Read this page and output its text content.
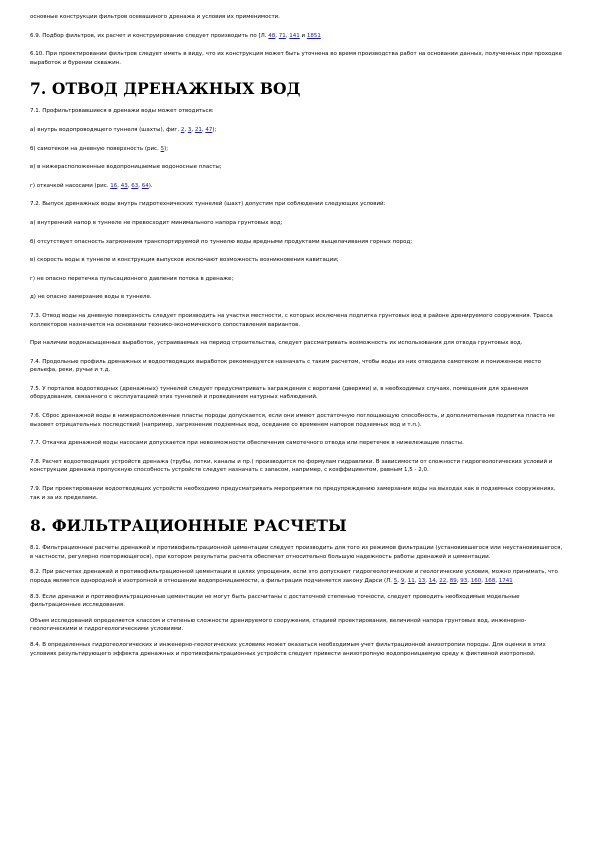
основные конструкции фильтров осевашиного дренажа и условия их применимости.

6.9. Подбор фильтров, их расчет и конструирование следует производить по [Л. 48, 71, 141 и 1851

6.10. При проектировании фильтров следует иметь в виду, что их конструкция может быть уточнена во время производства работ на основании данных, полученных при проходке выработок и бурении скважин.

7. ОТВОД ДРЕНАЖНЫХ ВОД

7.1. Профильтровавшиеся в дренажи воды может отводиться:

а) внутрь водопроводящего туннеля (шахты), фиг. 2, 3, 21, 47);

б) самотеком на дневную поверхность (рис. 5);

в) в нижерасположенные водопроницаемые водоносные пласты;

г) откачкой насосами (рис. 16, 43, 63, 64).

7.2. Выпуск дренажных воды внутрь гидротехнических туннелей (шахт) допустим при соблюдении следующих условий:

а) внутренний напор в туннеле не превосходит минимального напора грунтовых вод;

б) отсутствует опасность загрязнения транспортируемой по туннелю воды вредными продуктами выщелачивания горных пород;

в) скорость воды в туннеле и конструкция выпусков исключают возможность возникновения кавитации;

г) не опасно перетечка пульсационного давления потока в дренаже;

д) не опасно замерзание воды в туннеле.

7.3. Отвод воды на дневную поверхность следует производить на участки местности, с которых исключена подпитка грунтовых вод в районе дренируемого сооружения. Трасса коллекторов назначается на основании технико-экономического сопоставления вариантов.

При наличии водонасыщенных выработок, устраиваемых на период строительства, следует рассматривать возможность их использования для отвода грунтовых вод.

7.4. Продольные профиль дренажных и водоотводящих выработок рекомендуется назначать с таким расчетом, чтобы воды из них отводила самотеком и пониженное место рельефа, реки, ручьи и т.д.

7.5. У порталов водоотводных (дренажных) туннелей следует предусматривать заграждения с воротами (дверями) и, в необходимых случаях, помещения для хранения оборудования, связанного с эксплуатацией этих туннелей и проведением натурных наблюдений.

7.6. Сброс дренажной воды в нижерасположенные пласты породы допускается, если они имеют достаточную поглощающую способность, и дополнительная подпитка пласта не вызовет отрицательных последствий (например, загрязнение подземных вод, оседание со временем напоров подземных вод и т.п.).

7.7. Откачка дренажной воды насосами допускается при невозможности обеспечения самотечного отвода или перетечек в нижележащие пласты.

7.8. Расчет водоотводящих устройств дренажа (трубы, лотки, каналы и пр.) производится по формулам гидравлики. В зависимости от сложности гидрогеологических условий и конструкции дренажа пропускную способность устройств следует назначать с запасом, например, с коэффициентом, равным 1,5 - 2,0.

7.9. При проектировании водоотводящих устройств необходимо предусматривать мероприятия по предупреждению замерзания воды на выходах как в подземных сооружениях, так и за их пределами.

8. ФИЛЬТРАЦИОННЫЕ РАСЧЕТЫ

8.1. Фильтрационные расчеты дренажей и противофильтрационной цементации следует производить для того из режимов фильтрации (установившегося или неустановившегося, в частности, регулярно повторяющегося), при котором результаты расчета обеспечат относительно большую надежность работы дренажей и цементации.

8.2. При расчетах дренажей и противофильтрационной цементации в целях упрощения, если это допускают гидрогеологические и геологические условия, можно принимать, что порода является однородной и изотропной в отношении водопроницаемости, а фильтрация подчиняется закону Дарси (Л. 5, 9, 11, 13, 14, 22, 89, 93, 160, 168, 1741

8.3. Если дренажи и противофильтрационные цементации не могут быть рассчитаны с достаточной степенью точности, следует проводить необходимые модельные фильтрационные исследования.

Объем исследований определяется классом и степенью сложности дренируемого сооружения, стадией проектирования, величиной напора грунтовых вод, инженерно-геологическими и гидрогеологическими условиями.

8.4. В определенных гидрогеологических и инженерно-геологических условиях может оказаться необходимым учет фильтрационной анизотропии породы. Для оценки в этих условиях результирующего эффекта дренажных и противофильтрационных устройств следует привести анизотропную водопроницаемую среду к фиктивной изотропной.
